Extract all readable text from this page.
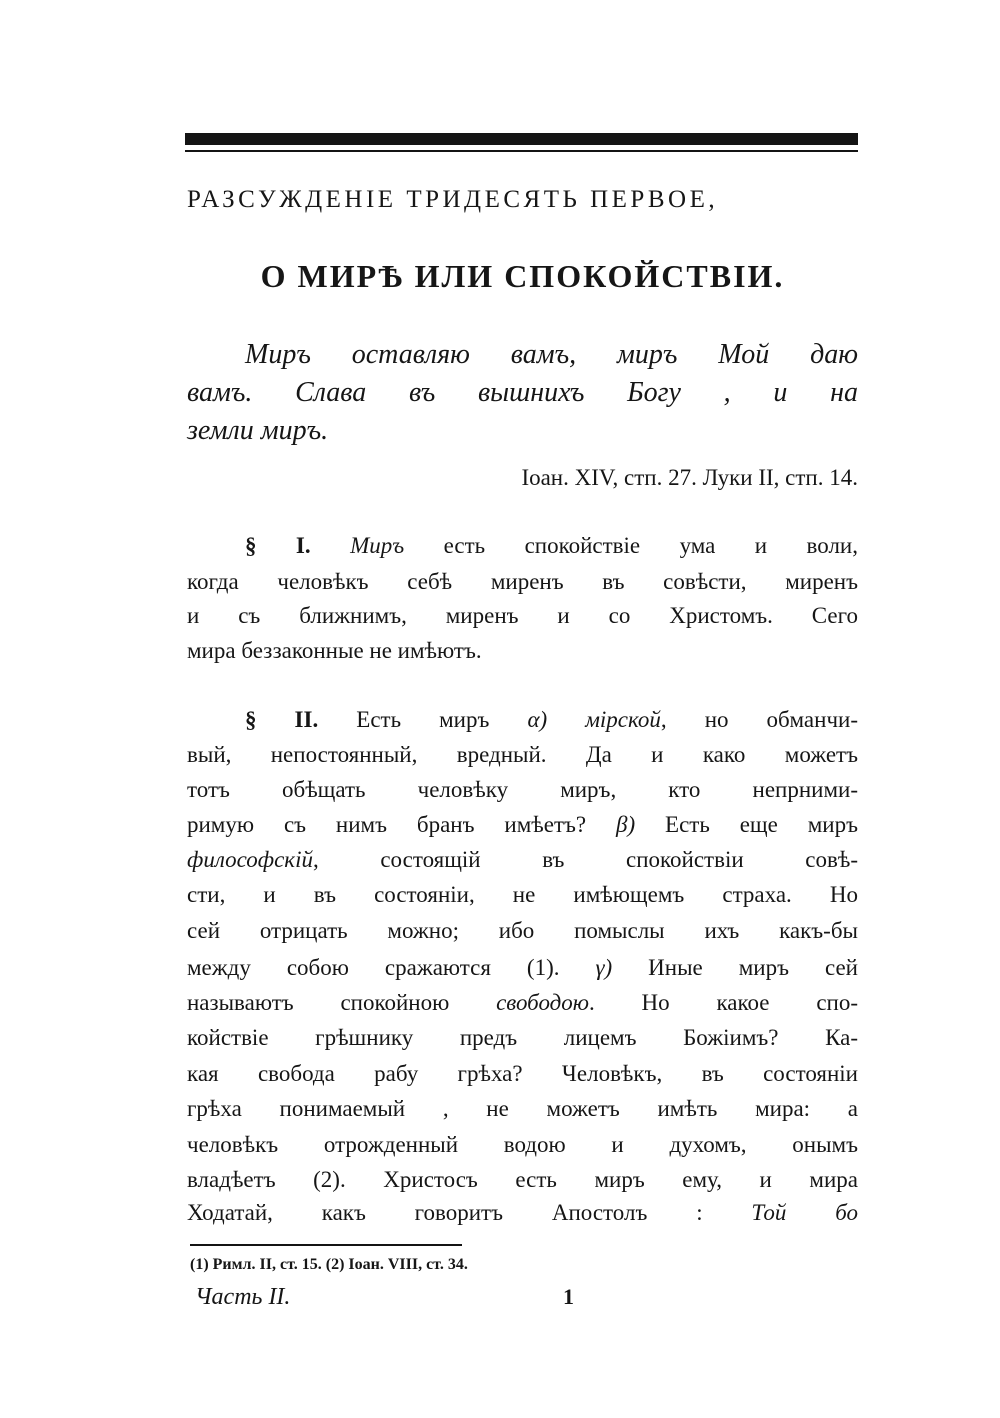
РАЗСУЖДЕНIЕ ТРИДЕСЯТЬ ПЕРВОЕ,
О МИРѢ ИЛИ СПОКОЙСТВIИ.
Миръ оставляю вамъ, миръ Мой даю
вамъ. Слава въ вышнихъ Богу , и на
земли миръ.
Iоан. XIV, стп. 27. Луки II, стп. 14.
§ I. Миръ есть спокойствiе ума и воли,
когда человѣкъ себѣ миренъ въ совѣсти, миренъ
и съ ближнимъ, миренъ и со Христомъ. Сего
мира беззаконные не имѣютъ.
§ II. Есть миръ α) мiрской, но обманчи-
вый, непостоянный, вредный. Да и како можетъ
тотъ обѣщать человѣку миръ, кто непрними-
римую съ нимъ бранъ имѣетъ? β) Есть еще миръ
философскiй, состоящiй въ спокойствiи совѣ-
сти, и въ состоянiи, не имѣющемъ страха. Но
сей отрицать можно; ибо помыслы ихъ какъ-бы
между собою сражаются (1). γ) Иные миръ сей
называютъ спокойною свободою. Но какое спо-
койствiе грѣшнику предъ лицемъ Божiимъ? Ка-
кая свобода рабу грѣха? Человѣкъ, въ состоянiи
грѣха понимаемый , не можетъ имѣть мира: а
человѣкъ отрожденный водою и духомъ, онымъ
владѣетъ (2). Христосъ есть миръ ему, и мира
Ходатай, какъ говоритъ Апостолъ : Той бо
(1) Римл. II, ст. 15. (2) Iоан. VIII, ст. 34.
Часть II.	1
